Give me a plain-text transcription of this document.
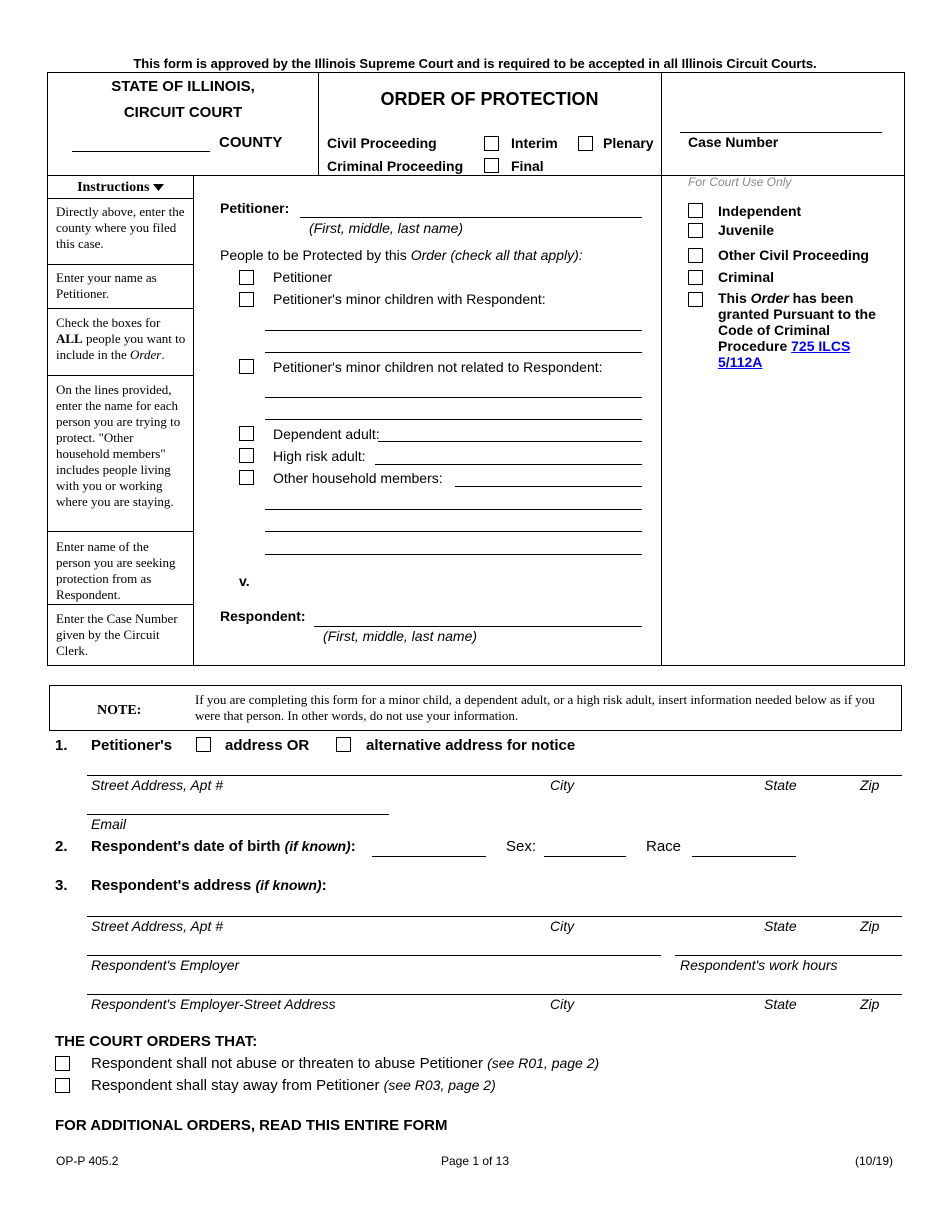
This form is approved by the Illinois Supreme Court and is required to be accepted in all Illinois Circuit Courts.
STATE OF ILLINOIS,
CIRCUIT COURT
COUNTY
ORDER OF PROTECTION
Civil Proceeding	Interim	Plenary
Criminal Proceeding	Final
Case Number
Instructions
Directly above, enter the county where you filed this case.
Enter your name as Petitioner.
Check the boxes for ALL people you want to include in the Order.
On the lines provided, enter the name for each person you are trying to protect. "Other household members" includes people living with you or working where you are staying.
Enter name of the person you are seeking protection from as Respondent.
Enter the Case Number given by the Circuit Clerk.
Petitioner:
(First, middle, last name)
People to be Protected by this Order (check all that apply):
Petitioner
Petitioner's minor children with Respondent:
Petitioner's minor children not related to Respondent:
Dependent adult:
High risk adult:
Other household members:
v.
Respondent:
(First, middle, last name)
For Court Use Only
Independent
Juvenile
Other Civil Proceeding
Criminal
This Order has been granted Pursuant to the Code of Criminal Procedure 725 ILCS 5/112A
NOTE:
If you are completing this form for a minor child, a dependent adult, or a high risk adult, insert information needed below as if you were that person. In other words, do not use your information.
1. Petitioner's	address OR	alternative address for notice
Street Address, Apt #	City	State	Zip
Email
2. Respondent's date of birth (if known):	Sex:	Race
3. Respondent's address (if known):
Street Address, Apt #	City	State	Zip
Respondent's Employer	Respondent's work hours
Respondent's Employer-Street Address	City	State	Zip
THE COURT ORDERS THAT:
Respondent shall not abuse or threaten to abuse Petitioner (see R01, page 2)
Respondent shall stay away from Petitioner (see R03, page 2)
FOR ADDITIONAL ORDERS, READ THIS ENTIRE FORM
OP-P 405.2	Page 1 of 13	(10/19)
